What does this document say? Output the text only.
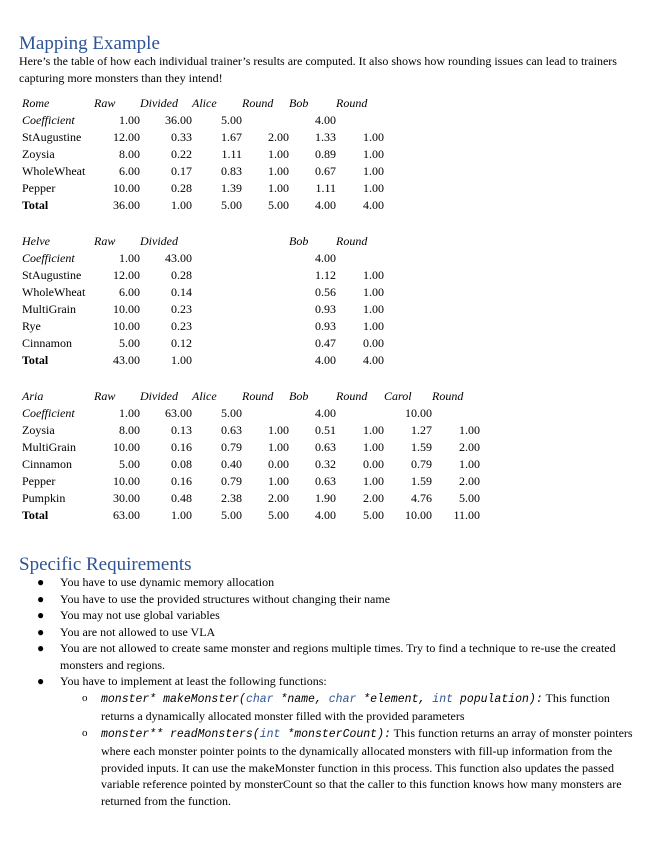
Mapping Example
Here’s the table of how each individual trainer’s results are computed. It also shows how rounding issues can lead to trainers capturing more monsters than they intend!
Rome	Raw	Divided	Alice	Round	Bob	Round		
Coefficient	1.00	36.00	5.00		4.00			
StAugustine	12.00	0.33	1.67	2.00	1.33	1.00		
Zoysia	8.00	0.22	1.11	1.00	0.89	1.00		
WholeWheat	6.00	0.17	0.83	1.00	0.67	1.00		
Pepper	10.00	0.28	1.39	1.00	1.11	1.00		
Total	36.00	1.00	5.00	5.00	4.00	4.00		
Helve	Raw	Divided			Bob	Round		
Coefficient	1.00	43.00			4.00			
StAugustine	12.00	0.28			1.12	1.00		
WholeWheat	6.00	0.14			0.56	1.00		
MultiGrain	10.00	0.23			0.93	1.00		
Rye	10.00	0.23			0.93	1.00		
Cinnamon	5.00	0.12			0.47	0.00		
Total	43.00	1.00			4.00	4.00		
Aria	Raw	Divided	Alice	Round	Bob	Round	Carol	Round
Coefficient	1.00	63.00	5.00		4.00		10.00	
Zoysia	8.00	0.13	0.63	1.00	0.51	1.00	1.27	1.00
MultiGrain	10.00	0.16	0.79	1.00	0.63	1.00	1.59	2.00
Cinnamon	5.00	0.08	0.40	0.00	0.32	0.00	0.79	1.00
Pepper	10.00	0.16	0.79	1.00	0.63	1.00	1.59	2.00
Pumpkin	30.00	0.48	2.38	2.00	1.90	2.00	4.76	5.00
Total	63.00	1.00	5.00	5.00	4.00	5.00	10.00	11.00
Specific Requirements
● You have to use dynamic memory allocation
● You have to use the provided structures without changing their name
● You may not use global variables
● You are not allowed to use VLA
● You are not allowed to create same monster and regions multiple times. Try to find a technique to re-use the created monsters and regions.
● You have to implement at least the following functions:
o monster* makeMonster(char *name, char *element, int population): This function returns a dynamically allocated monster filled with the provided parameters
o monster** readMonsters(int *monsterCount): This function returns an array of monster pointers where each monster pointer points to the dynamically allocated monsters with fill-up information from the provided inputs. It can use the makeMonster function in this process. This function also updates the passed variable reference pointed by monsterCount so that the caller to this function knows how many monsters are returned from the function.
